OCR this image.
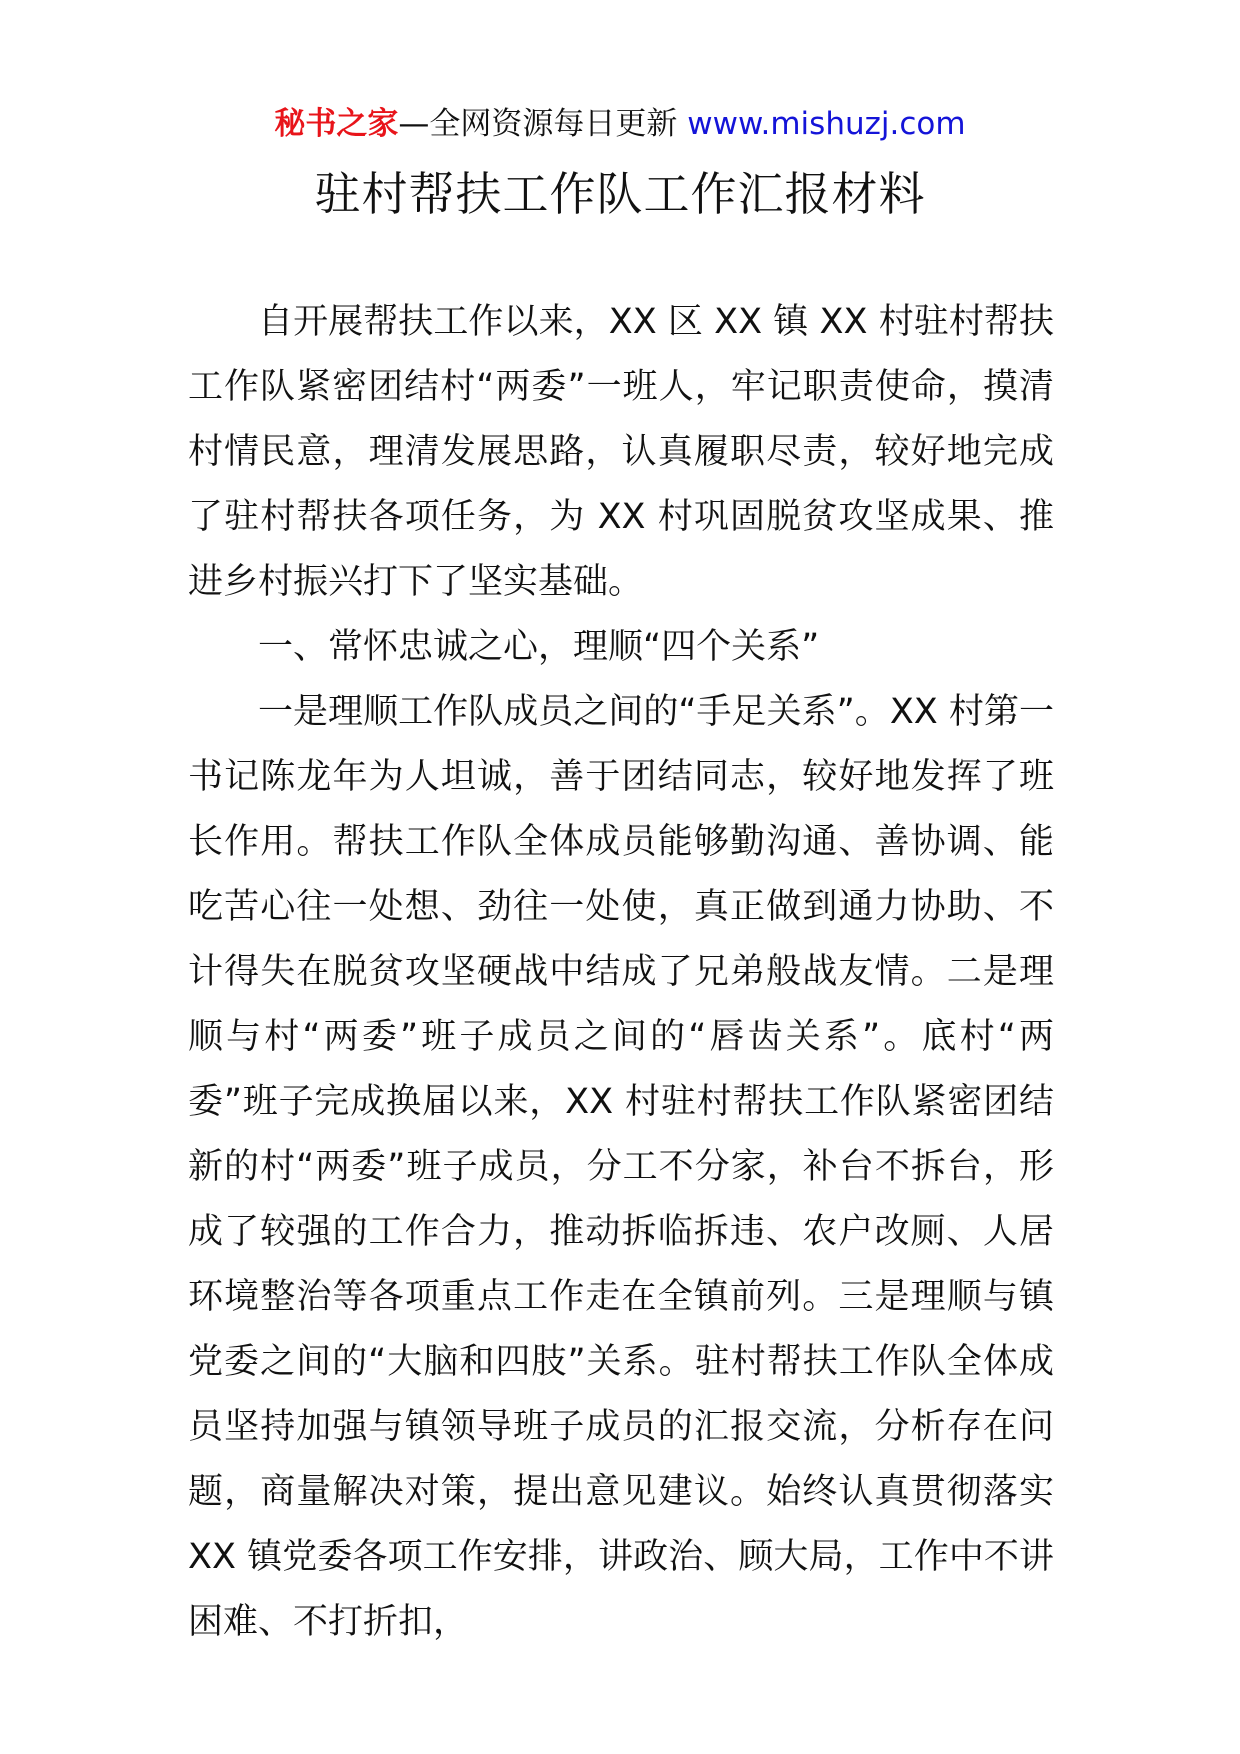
秘书之家—全网资源每日更新 www.mishuzj.com
驻村帮扶工作队工作汇报材料

自开展帮扶工作以来，XX 区 XX 镇 XX 村驻村帮扶工作队紧密团结村“两委”一班人，牢记职责使命，摸清村情民意，理清发展思路，认真履职尽责，较好地完成了驻村帮扶各项任务，为 XX 村巩固脱贫攻坚成果、推进乡村振兴打下了坚实基础。

一、常怀忠诚之心，理顺“四个关系”

一是理顺工作队成员之间的“手足关系”。XX 村第一书记陈龙年为人坦诚，善于团结同志，较好地发挥了班长作用。帮扶工作队全体成员能够勤沟通、善协调、能吃苦心往一处想、劲往一处使，真正做到通力协助、不计得失在脱贫攻坚硬战中结成了兄弟般战友情。二是理顺与村“两委”班子成员之间的“唇齿关系”。底村“两委”班子完成换届以来，XX 村驻村帮扶工作队紧密团结新的村“两委”班子成员，分工不分家，补台不拆台，形成了较强的工作合力，推动拆临拆违、农户改厕、人居环境整治等各项重点工作走在全镇前列。三是理顺与镇党委之间的“大脑和四肢”关系。驻村帮扶工作队全体成员坚持加强与镇领导班子成员的汇报交流，分析存在问题，商量解决对策，提出意见建议。始终认真贯彻落实 XX 镇党委各项工作安排，讲政治、顾大局，工作中不讲困难、不打折扣，
